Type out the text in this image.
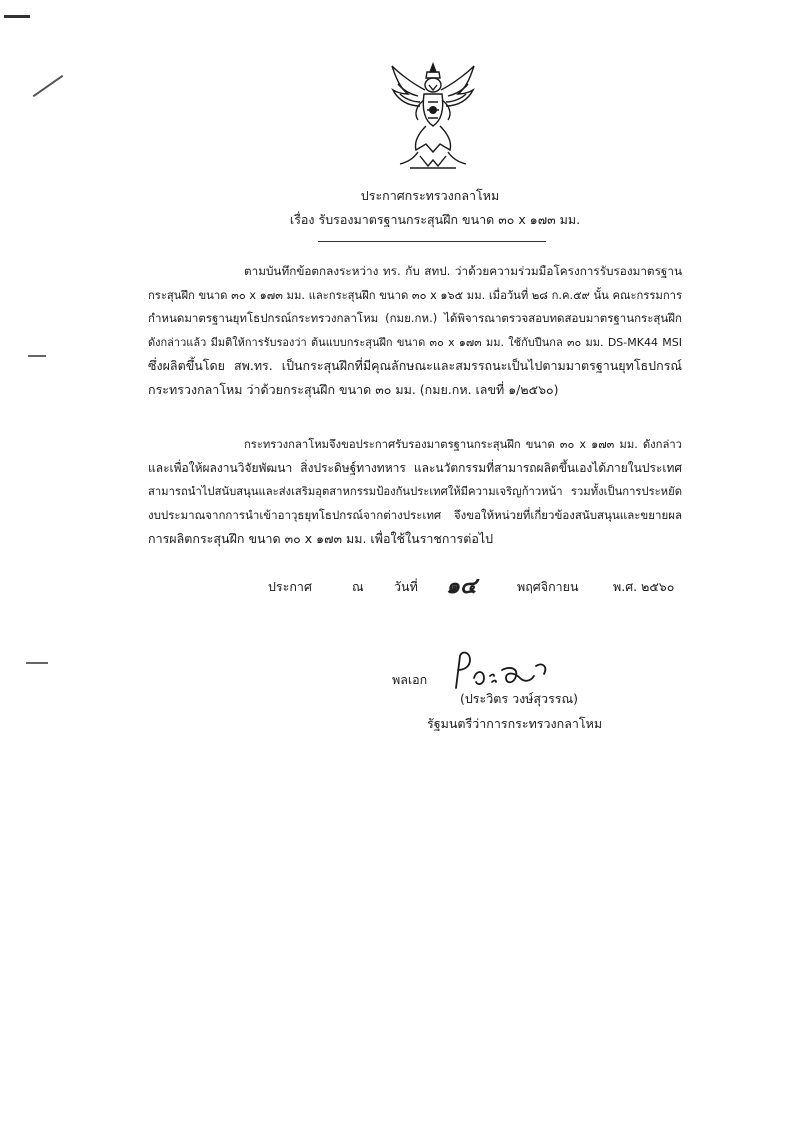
ประกาศกระทรวงกลาโหม
เรื่อง รับรองมาตรฐานกระสุนฝึก ขนาด ๓๐ x ๑๗๓ มม.
ตามบันทึกข้อตกลงระหว่าง ทร. กับ สทป. ว่าด้วยความร่วมมือโครงการรับรองมาตรฐาน
กระสุนฝึก ขนาด ๓๐ x ๑๗๓ มม. และกระสุนฝึก ขนาด ๓๐ x ๑๖๕ มม. เมื่อวันที่ ๒๘ ก.ค.๕๙ นั้น คณะกรรมการ
กำหนดมาตรฐานยุทโธปกรณ์กระทรวงกลาโหม (กมย.กห.) ได้พิจารณาตรวจสอบทดสอบมาตรฐานกระสุนฝึก
ดังกล่าวแล้ว มีมติให้การรับรองว่า ต้นแบบกระสุนฝึก ขนาด ๓๐ x ๑๗๓ มม. ใช้กับปืนกล ๓๐ มม. DS-MK44 MSI
ซึ่งผลิตขึ้นโดย สพ.ทร. เป็นกระสุนฝึกที่มีคุณลักษณะและสมรรถนะเป็นไปตามมาตรฐานยุทโธปกรณ์
กระทรวงกลาโหม ว่าด้วยกระสุนฝึก ขนาด ๓๐ มม. (กมย.กห. เลขที่ ๑/๒๕๖๐)
กระทรวงกลาโหมจึงขอประกาศรับรองมาตรฐานกระสุนฝึก ขนาด ๓๐ x ๑๗๓ มม. ดังกล่าว
และเพื่อให้ผลงานวิจัยพัฒนา สิ่งประดิษฐ์ทางทหาร และนวัตกรรมที่สามารถผลิตขึ้นเองได้ภายในประเทศ
สามารถนำไปสนับสนุนและส่งเสริมอุตสาหกรรมป้องกันประเทศให้มีความเจริญก้าวหน้า รวมทั้งเป็นการประหยัด
งบประมาณจากการนำเข้าอาวุธยุทโธปกรณ์จากต่างประเทศ จึงขอให้หน่วยที่เกี่ยวข้องสนับสนุนและขยายผล
การผลิตกระสุนฝึก ขนาด ๓๐ x ๑๗๓ มม. เพื่อใช้ในราชการต่อไป
ประกาศ	ณ วันที่ ๑๔	พฤศจิกายน	พ.ศ. ๒๕๖๐
พลเอก
(ประวิตร วงษ์สุวรรณ)
รัฐมนตรีว่าการกระทรวงกลาโหม
